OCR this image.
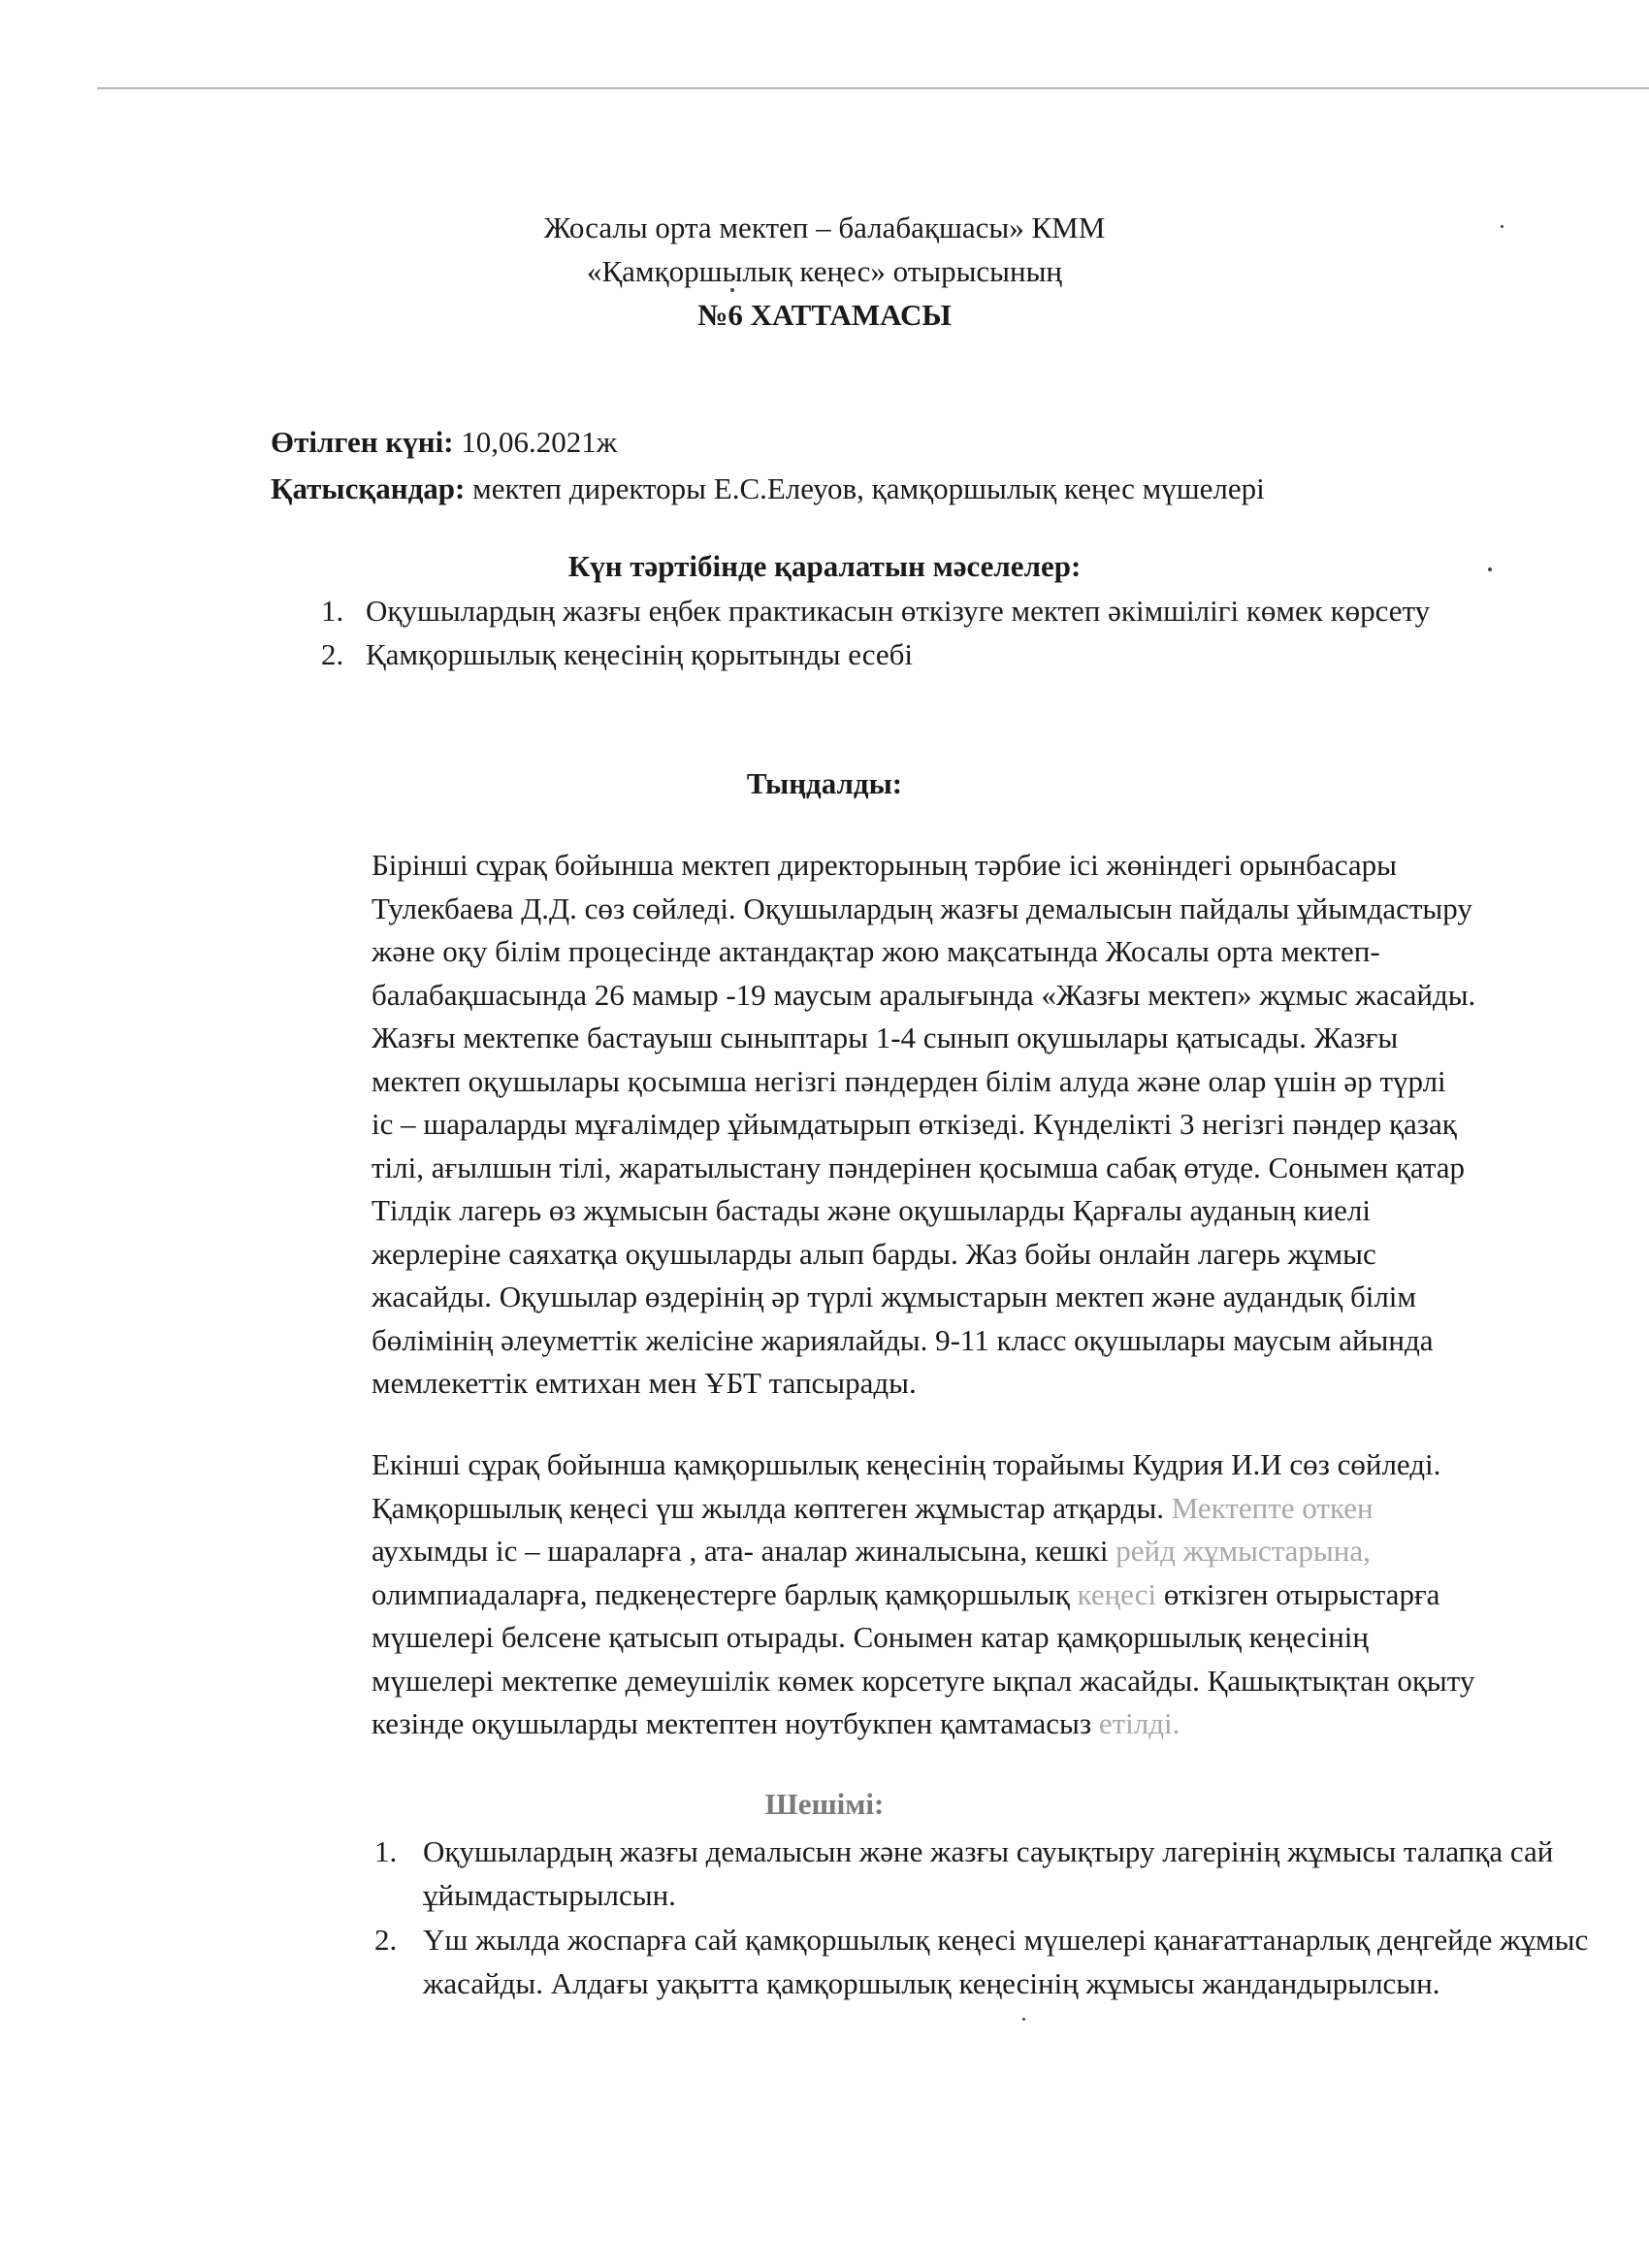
Жосалы орта мектеп – балабақшасы» КММ
«Қамқоршылық кеңес» отырысының
№6 ХАТТАМАСЫ
Өтілген күні: 10,06.2021ж
Қатысқандар: мектеп директоры Е.С.Елеуов, қамқоршылық кеңес мүшелері
Күн тәртібінде қаралатын мәселелер:
1. Оқушылардың жазғы еңбек практикасын өткізуге мектеп әкімшілігі көмек көрсету
2. Қамқоршылық кеңесінің қорытынды есебі
Тыңдалды:

Бірінші сұрақ бойынша мектеп директорының тәрбие ісі жөніндегі орынбасары
Тулекбаева Д.Д. сөз сөйледі. Оқушылардың жазғы демалысын пайдалы ұйымдастыру
және оқу білім процесінде актандақтар жою мақсатында Жосалы орта мектеп-
балабақшасында 26 мамыр -19 маусым аралығында «Жазғы мектеп» жұмыс жасайды.
Жазғы мектепке бастауыш сыныптары 1-4 сынып оқушылары қатысады. Жазғы
мектеп оқушылары қосымша негізгі пәндерден білім алуда және олар үшін әр түрлі
іс – шараларды мұғалімдер ұйымдатырып өткізеді. Күнделікті 3 негізгі пәндер қазақ
тілі, ағылшын тілі, жаратылыстану пәндерінен қосымша сабақ өтуде. Сонымен қатар
Тілдік лагерь өз жұмысын бастады және оқушыларды Қарғалы ауданың киелі
жерлеріне саяхатқа оқушыларды алып барды. Жаз бойы онлайн лагерь жұмыс
жасайды. Оқушылар өздерінің әр түрлі жұмыстарын мектеп және аудандық білім
бөлімінің әлеуметтік желісіне жариялайды. 9-11 класс оқушылары маусым айында
мемлекеттік емтихан мен ҰБТ тапсырады.

Екінші сұрақ бойынша қамқоршылық кеңесінің торайымы Кудрия И.И сөз сөйледі.
Қамқоршылық кеңесі үш жылда көптеген жұмыстар атқарды. Мектепте откен
аухымды іс – шараларға , ата- аналар жиналысына, кешкі рейд жұмыстарына,
олимпиадаларға, педкеңестерге барлық қамқоршылық кеңесі өткізген отырыстарға
мүшелері белсене қатысып отырады. Сонымен катар қамқоршылық кеңесінің
мүшелері мектепке демеушілік көмек корсетуге ықпал жасайды. Қашықтықтан оқыту
кезінде оқушыларды мектептен ноутбукпен қамтамасыз етілді.

Шешімі:
1. Оқушылардың жазғы демалысын және жазғы сауықтыру лагерінің жұмысы талапқа сай ұйымдастырылсын.
2. Үш жылда жоспарға сай қамқоршылық кеңесі мүшелері қанағаттанарлық деңгейде жұмыс жасайды. Алдағы уақытта қамқоршылық кеңесінің жұмысы жандандырылсын.
